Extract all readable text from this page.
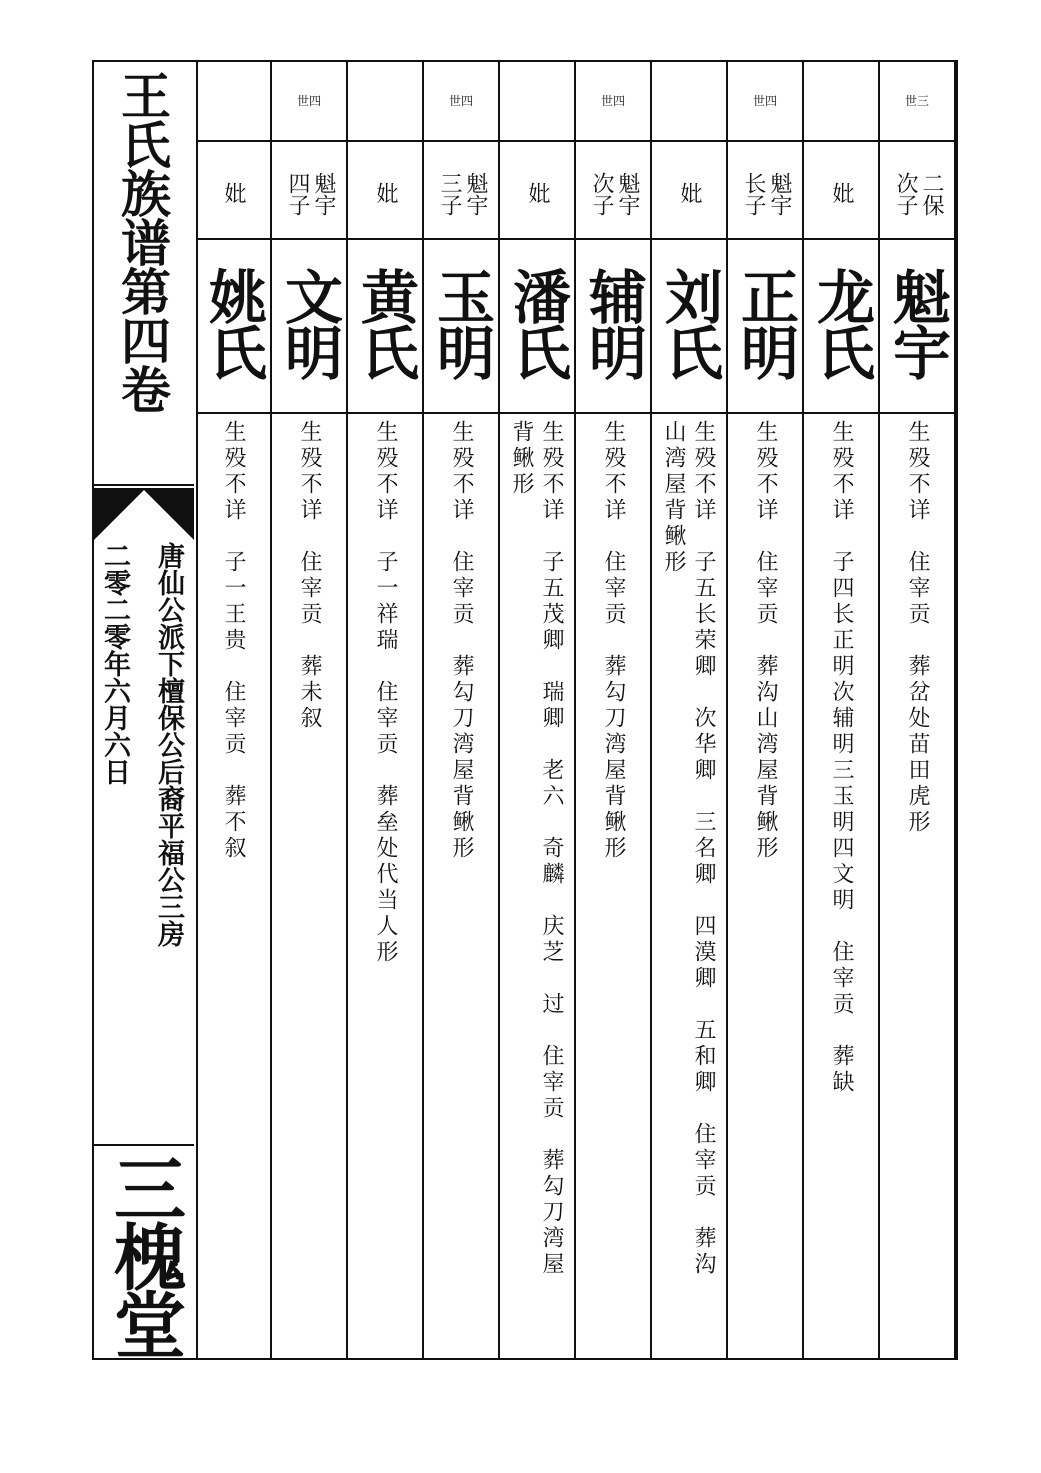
王氏族谱第四卷
唐仙公派下檀保公后裔平福公三房
二零二零年六月六日
三槐堂
世三
二保次子
魁宇
生殁不详　住宰贡　葬岔处苗田虎形
妣
龙氏
生殁不详　子四长正明次辅明三玉明四文明　住宰贡　葬缺
世四
魁宇长子
正明
生殁不详　住宰贡　葬沟山湾屋背鳅形
妣
刘氏
生殁不详　子五长荣卿　次华卿　三名卿　四漠卿　五和卿　住宰贡　葬沟
山湾屋背鳅形
世四
魁宇次子
辅明
生殁不详　住宰贡　葬勾刀湾屋背鳅形
妣
潘氏
生殁不详　子五茂卿　瑞卿　老六　奇麟　庆芝　过　住宰贡　葬勾刀湾屋
背鳅形
世四
魁宇三子
玉明
生殁不详　住宰贡　葬勾刀湾屋背鳅形
妣
黄氏
生殁不详　子一祥瑞　住宰贡　葬垒处代当人形
世四
魁宇四子
文明
生殁不详　住宰贡　葬未叙
妣
姚氏
生殁不详　子一王贵　住宰贡　葬不叙
